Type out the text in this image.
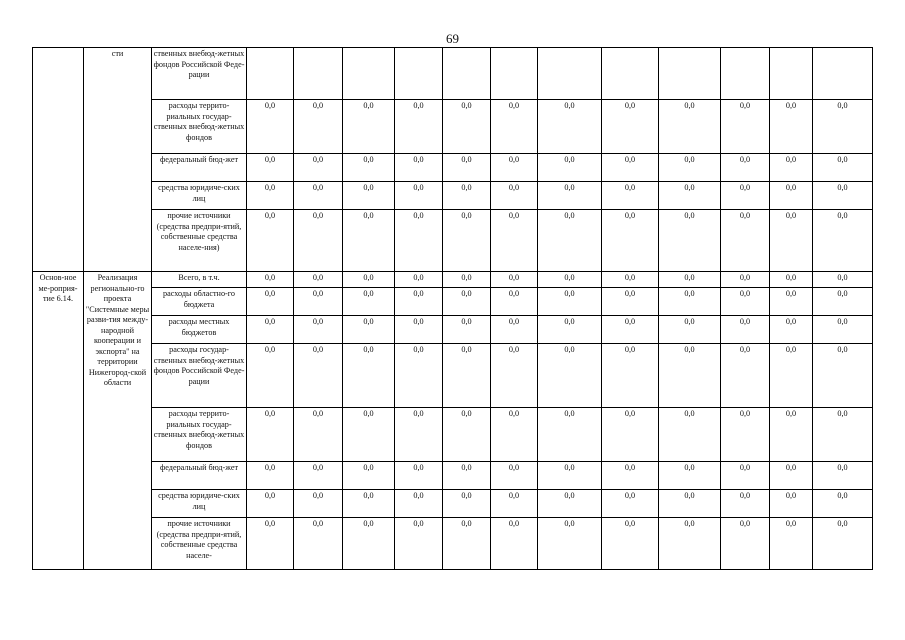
69
	сти	ственных внебюд-жетных фондов Российской Феде-рации												
		расходы террито-риальных государ-ственных внебюд-жетных фондов	0,0	0,0	0,0	0,0	0,0	0,0	0,0	0,0	0,0	0,0	0,0	0,0
		федеральный бюд-жет	0,0	0,0	0,0	0,0	0,0	0,0	0,0	0,0	0,0	0,0	0,0	0,0
		средства юридиче-ских лиц	0,0	0,0	0,0	0,0	0,0	0,0	0,0	0,0	0,0	0,0	0,0	0,0
		прочие источники (средства предпри-ятий, собственные средства населе-ния)	0,0	0,0	0,0	0,0	0,0	0,0	0,0	0,0	0,0	0,0	0,0	0,0
Основ-ное ме-роприя-тие 6.14.	Реализация регионально-го проекта "Системные меры разви-тия между-народной кооперации и экспорта" на территории Нижегород-ской области	Всего, в т.ч.	0,0	0,0	0,0	0,0	0,0	0,0	0,0	0,0	0,0	0,0	0,0	0,0
		расходы областно-го бюджета	0,0	0,0	0,0	0,0	0,0	0,0	0,0	0,0	0,0	0,0	0,0	0,0
		расходы местных бюджетов	0,0	0,0	0,0	0,0	0,0	0,0	0,0	0,0	0,0	0,0	0,0	0,0
		расходы государ-ственных внебюд-жетных фондов Российской Феде-рации	0,0	0,0	0,0	0,0	0,0	0,0	0,0	0,0	0,0	0,0	0,0	0,0
		расходы террито-риальных государ-ственных внебюд-жетных фондов	0,0	0,0	0,0	0,0	0,0	0,0	0,0	0,0	0,0	0,0	0,0	0,0
		федеральный бюд-жет	0,0	0,0	0,0	0,0	0,0	0,0	0,0	0,0	0,0	0,0	0,0	0,0
		средства юридиче-ских лиц	0,0	0,0	0,0	0,0	0,0	0,0	0,0	0,0	0,0	0,0	0,0	0,0
		прочие источники (средства предпри-ятий, собственные средства населе-	0,0	0,0	0,0	0,0	0,0	0,0	0,0	0,0	0,0	0,0	0,0	0,0
